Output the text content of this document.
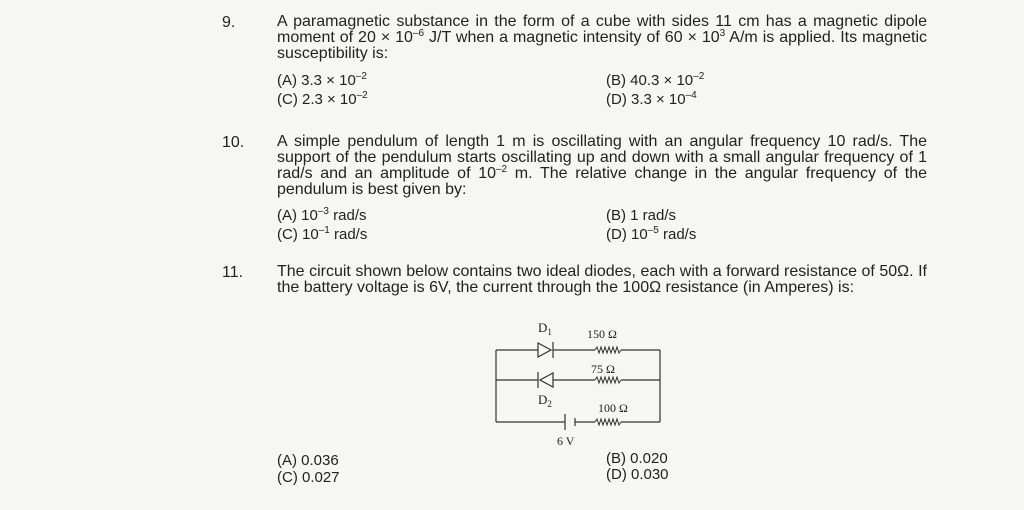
9.	A paramagnetic substance in the form of a cube with sides 11 cm has a magnetic dipole moment of $20 \times 10^{-6}$ J/T when a magnetic intensity of $60 \times 10^3$ A/m is applied. Its magnetic susceptibility is:
(A) $3.3 \times 10^{-2}$	(B) $40.3 \times 10^{-2}$
(C) $2.3 \times 10^{-2}$	(D) $3.3 \times 10^{-4}$
10. A simple pendulum of length 1 m is oscillating with an angular frequency 10 rad/s. The support of the pendulum starts oscillating up and down with a small angular frequency of 1 rad/s and an amplitude of $10^{-2}$ m. The relative change in the angular frequency of the pendulum is best given by:
(A) $10^{-3}$ rad/s	(B) 1 rad/s
(C) $10^{-1}$ rad/s	(D) $10^{-5}$ rad/s
11. The circuit shown below contains two ideal diodes, each with a forward resistance of 50Ω. If the battery voltage is 6V, the current through the 100Ω resistance (in Amperes) is:
(A) 0.036	(B) 0.020
(C) 0.027	(D) 0.030
$D_1$	150 Ω
75 Ω
$D_2$	100 Ω
6 V
